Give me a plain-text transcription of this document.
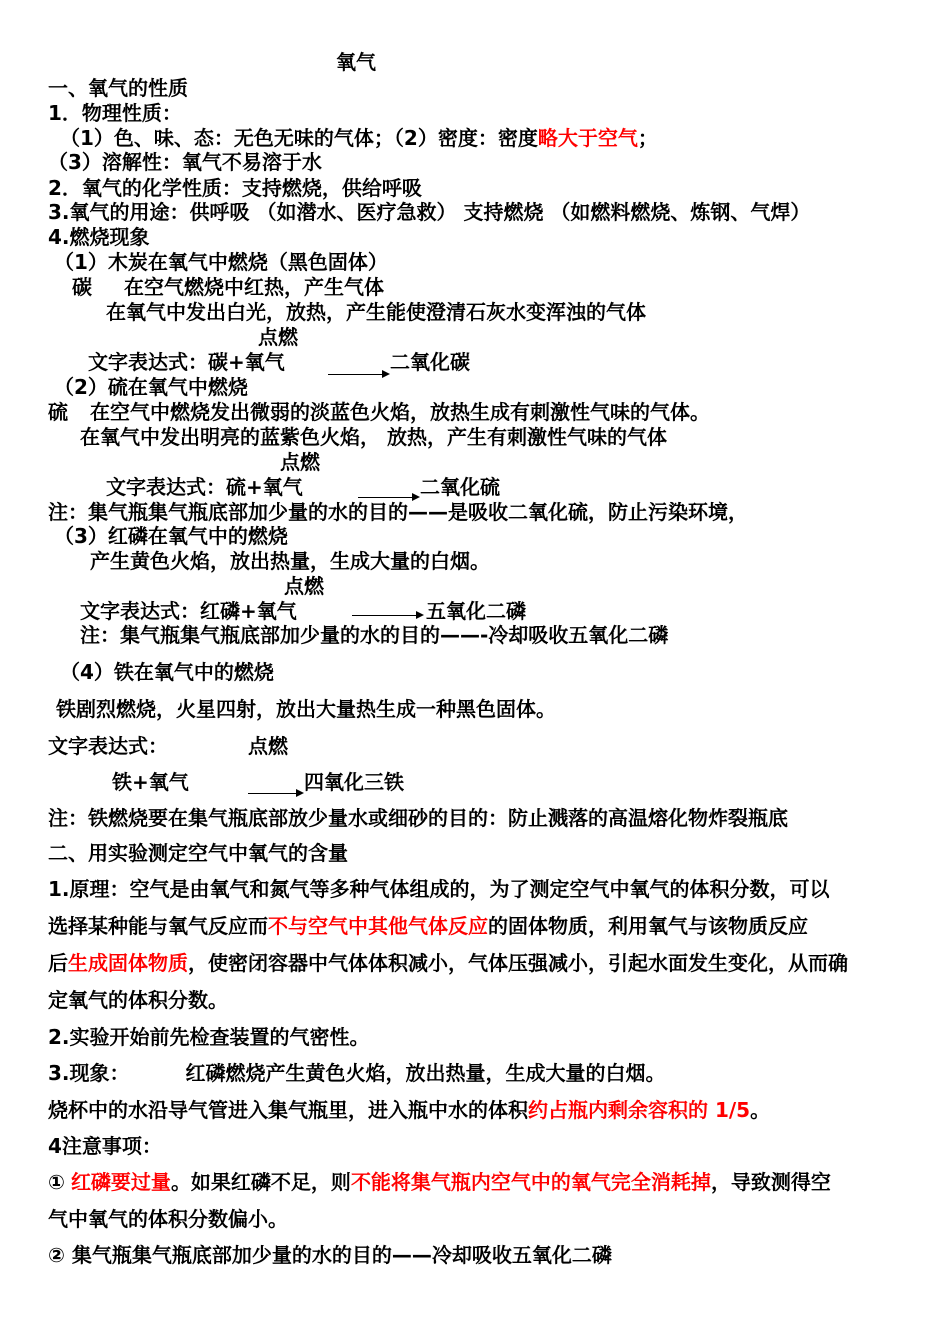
氧气
一、氧气的性质
1．物理性质：
（1）色、味、态：无色无味的气体；（2）密度：密度略大于空气；
（3）溶解性：氧气不易溶于水
2．氧气的化学性质：支持燃烧，供给呼吸
3.氧气的用途：供呼吸 （如潜水、医疗急救） 支持燃烧 （如燃料燃烧、炼钢、气焊）
4.燃烧现象
（1）木炭在氧气中燃烧（黑色固体）
碳 在空气燃烧中红热，产生气体
在氧气中发出白光，放热，产生能使澄清石灰水变浑浊的气体
点燃
文字表达式：碳+氧气	二氧化碳
（2）硫在氧气中燃烧
硫 在空气中燃烧发出微弱的淡蓝色火焰，放热生成有刺激性气味的气体。
在氧气中发出明亮的蓝紫色火焰， 放热，产生有刺激性气味的气体
点燃
文字表达式：硫+氧气	→ 二氧化硫
注：集气瓶集气瓶底部加少量的水的目的——是吸收二氧化硫，防止污染环境，
（3）红磷在氧气中的燃烧
产生黄色火焰，放出热量，生成大量的白烟。
点燃
文字表达式：红磷+氧气	五氧化二磷
注：集气瓶集气瓶底部加少量的水的目的——-冷却吸收五氧化二磷
（4）铁在氧气中的燃烧
铁剧烈燃烧，火星四射，放出大量热生成一种黑色固体。
文字表达式：	点燃
铁+氧气	→ 四氧化三铁
注：铁燃烧要在集气瓶底部放少量水或细砂的目的：防止溅落的高温熔化物炸裂瓶底
二、用实验测定空气中氧气的含量
1.原理：空气是由氧气和氮气等多种气体组成的，为了测定空气中氧气的体积分数，可以
选择某种能与氧气反应而不与空气中其他气体反应的固体物质，利用氧气与该物质反应
后生成固体物质，使密闭容器中气体体积减小，气体压强减小，引起水面发生变化，从而确
定氧气的体积分数。
2.实验开始前先检查装置的气密性。
3.现象：	红磷燃烧产生黄色火焰，放出热量，生成大量的白烟。
烧杯中的水沿导气管进入集气瓶里，进入瓶中水的体积约占瓶内剩余容积的 1/5。
4注意事项：
① 红磷要过量。如果红磷不足，则不能将集气瓶内空气中的氧气完全消耗掉，导致测得空
气中氧气的体积分数偏小。
② 集气瓶集气瓶底部加少量的水的目的——冷却吸收五氧化二磷
